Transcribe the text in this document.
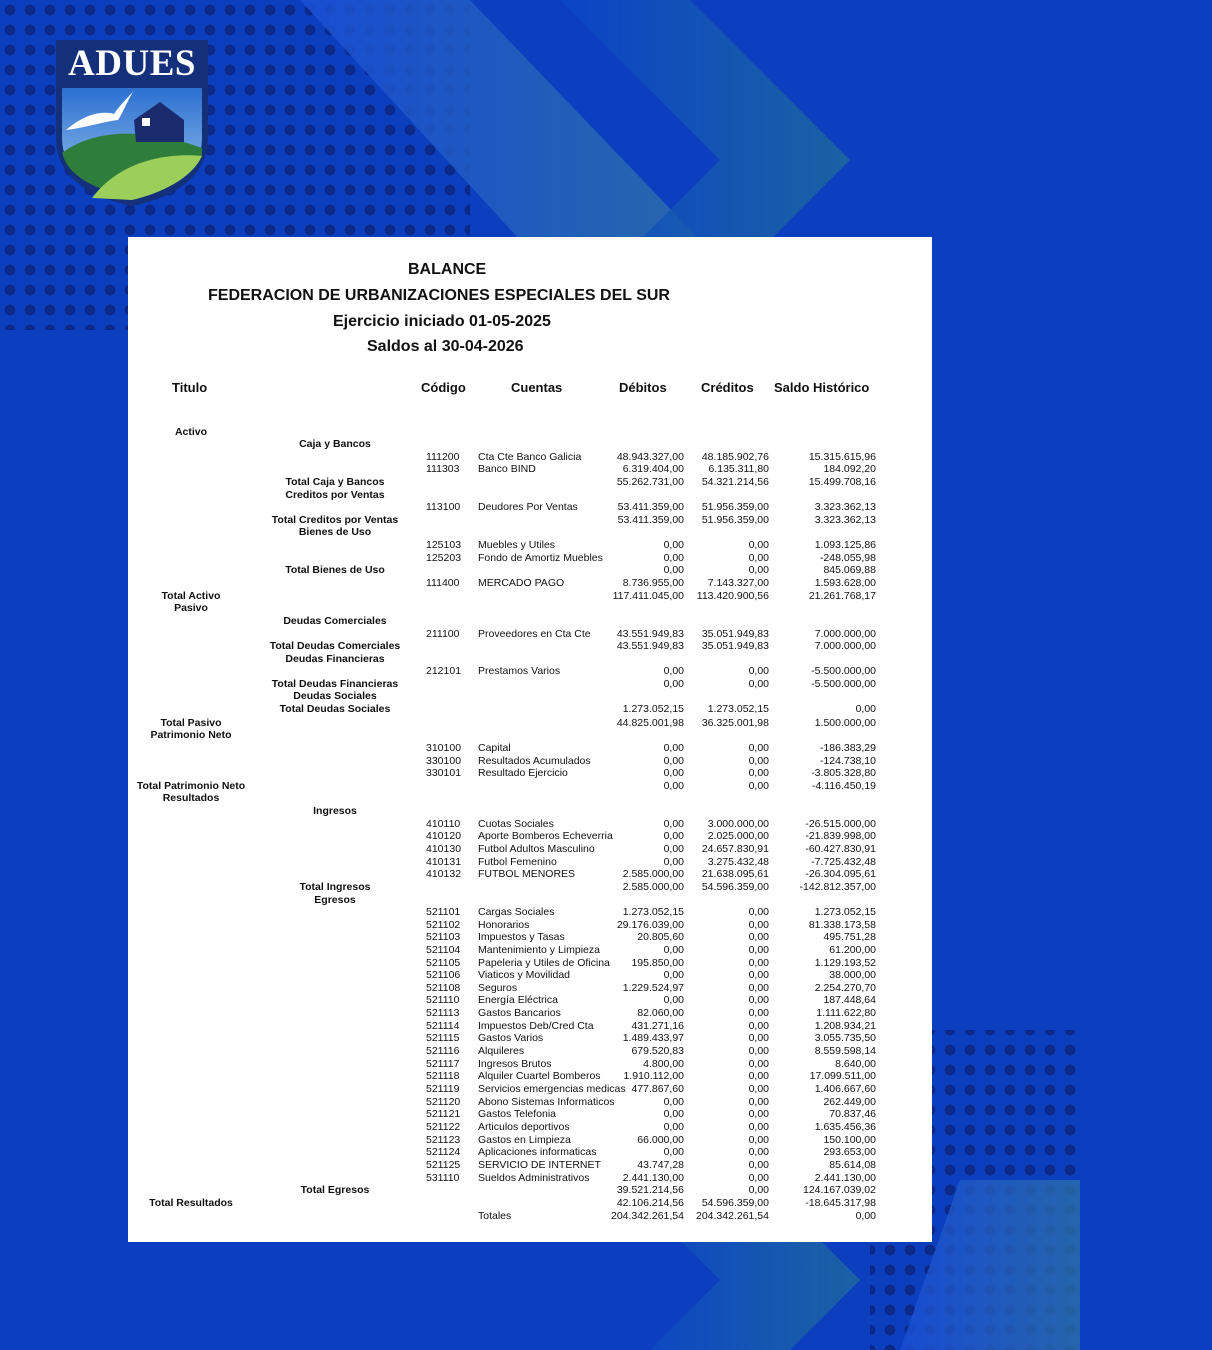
ADUES
BALANCE
FEDERACION DE URBANIZACIONES ESPECIALES DEL SUR
Ejercicio iniciado 01-05-2025
Saldos al 30-04-2026
Titulo	Código	Cuentas	Débitos	Créditos Saldo Histórico
Activo
Caja y Bancos
111200	Cta Cte Banco Galicia	48.943.327,00	48.185.902,76	15.315.615,96
111303	Banco BIND	6.319.404,00	6.135.311,80	184.092,20
Total Caja y Bancos	55.262.731,00	54.321.214,56	15.499.708,16
Creditos por Ventas
113100	Deudores Por Ventas	53.411.359,00	51.956.359,00	3.323.362,13
Total Creditos por Ventas	53.411.359,00	51.956.359,00	3.323.362,13
Bienes de Uso
125103	Muebles y Utiles	0,00	0,00	1.093.125,86
125203	Fondo de Amortiz Muebles	0,00	0,00	-248.055,98
Total Bienes de Uso	0,00	0,00	845.069,88
111400	MERCADO PAGO	8.736.955,00	7.143.327,00	1.593.628,00
Total Activo	117.411.045,00	113.420.900,56	21.261.768,17
Pasivo
Deudas Comerciales
211100	Proveedores en Cta Cte	43.551.949,83	35.051.949,83	7.000.000,00
Total Deudas Comerciales	43.551.949,83	35.051.949,83	7.000.000,00
Deudas Financieras
212101	Prestamos Varios	0,00	0,00	-5.500.000,00
Total Deudas Financieras	0,00	0,00	-5.500.000,00
Deudas Sociales
Total Deudas Sociales	1.273.052,15	1.273.052,15	0,00
Total Pasivo	44.825.001,98	36.325.001,98	1.500.000,00
Patrimonio Neto
310100	Capital	0,00	0,00	-186.383,29
330100	Resultados Acumulados	0,00	0,00	-124.738,10
330101	Resultado Ejercicio	0,00	0,00	-3.805.328,80
Total Patrimonio Neto	0,00	0,00	-4.116.450,19
Resultados
Ingresos
410110	Cuotas Sociales	0,00	3.000.000,00	-26.515.000,00
410120	Aporte Bomberos Echeverria	0,00	2.025.000,00	-21.839.998,00
410130	Futbol Adultos Masculino	0,00	24.657.830,91	-60.427.830,91
410131	Futbol Femenino	0,00	3.275.432,48	-7.725.432,48
410132	FUTBOL MENORES	2.585.000,00	21.638.095,61	-26.304.095,61
Total Ingresos	2.585.000,00	54.596.359,00	-142.812.357,00
Egresos
521101	Cargas Sociales	1.273.052,15	0,00	1.273.052,15
521102	Honorarios	29.176.039,00	0,00	81.338.173,58
521103	Impuestos y Tasas	20.805,60	0,00	495.751,28
521104	Mantenimiento y Limpieza	0,00	0,00	61.200,00
521105	Papeleria y Utiles de Oficina	195.850,00	0,00	1.129.193,52
521106	Viaticos y Movilidad	0,00	0,00	38.000,00
521108	Seguros	1.229.524,97	0,00	2.254.270,70
521110	Energía Eléctrica	0,00	0,00	187.448,64
521113	Gastos Bancarios	82.060,00	0,00	1.111.622,80
521114	Impuestos Deb/Cred Cta	431.271,16	0,00	1.208.934,21
521115	Gastos Varios	1.489.433,97	0,00	3.055.735,50
521116	Alquileres	679.520,83	0,00	8.559.598,14
521117	Ingresos Brutos	4.800,00	0,00	8.640,00
521118	Alquiler Cuartel Bomberos	1.910.112,00	0,00	17.099.511,00
521119	Servicios emergencias medicas 477.867,60	0,00	1.406.667,60
521120	Abono Sistemas Informaticos	0,00	0,00	262.449,00
521121	Gastos Telefonia	0,00	0,00	70.837,46
521122	Articulos deportivos	0,00	0,00	1.635.456,36
521123	Gastos en Limpieza	66.000,00	0,00	150.100,00
521124	Aplicaciones informaticas	0,00	0,00	293.653,00
521125	SERVICIO DE INTERNET	43.747,28	0,00	85.614,08
531110	Sueldos Administrativos	2.441.130,00	0,00	2.441.130,00
Total Egresos	39.521.214,56	0,00	124.167.039,02
Total Resultados	42.106.214,56	54.596.359,00	-18.645.317,98
Totales	204.342.261,54	204.342.261,54	0,00
